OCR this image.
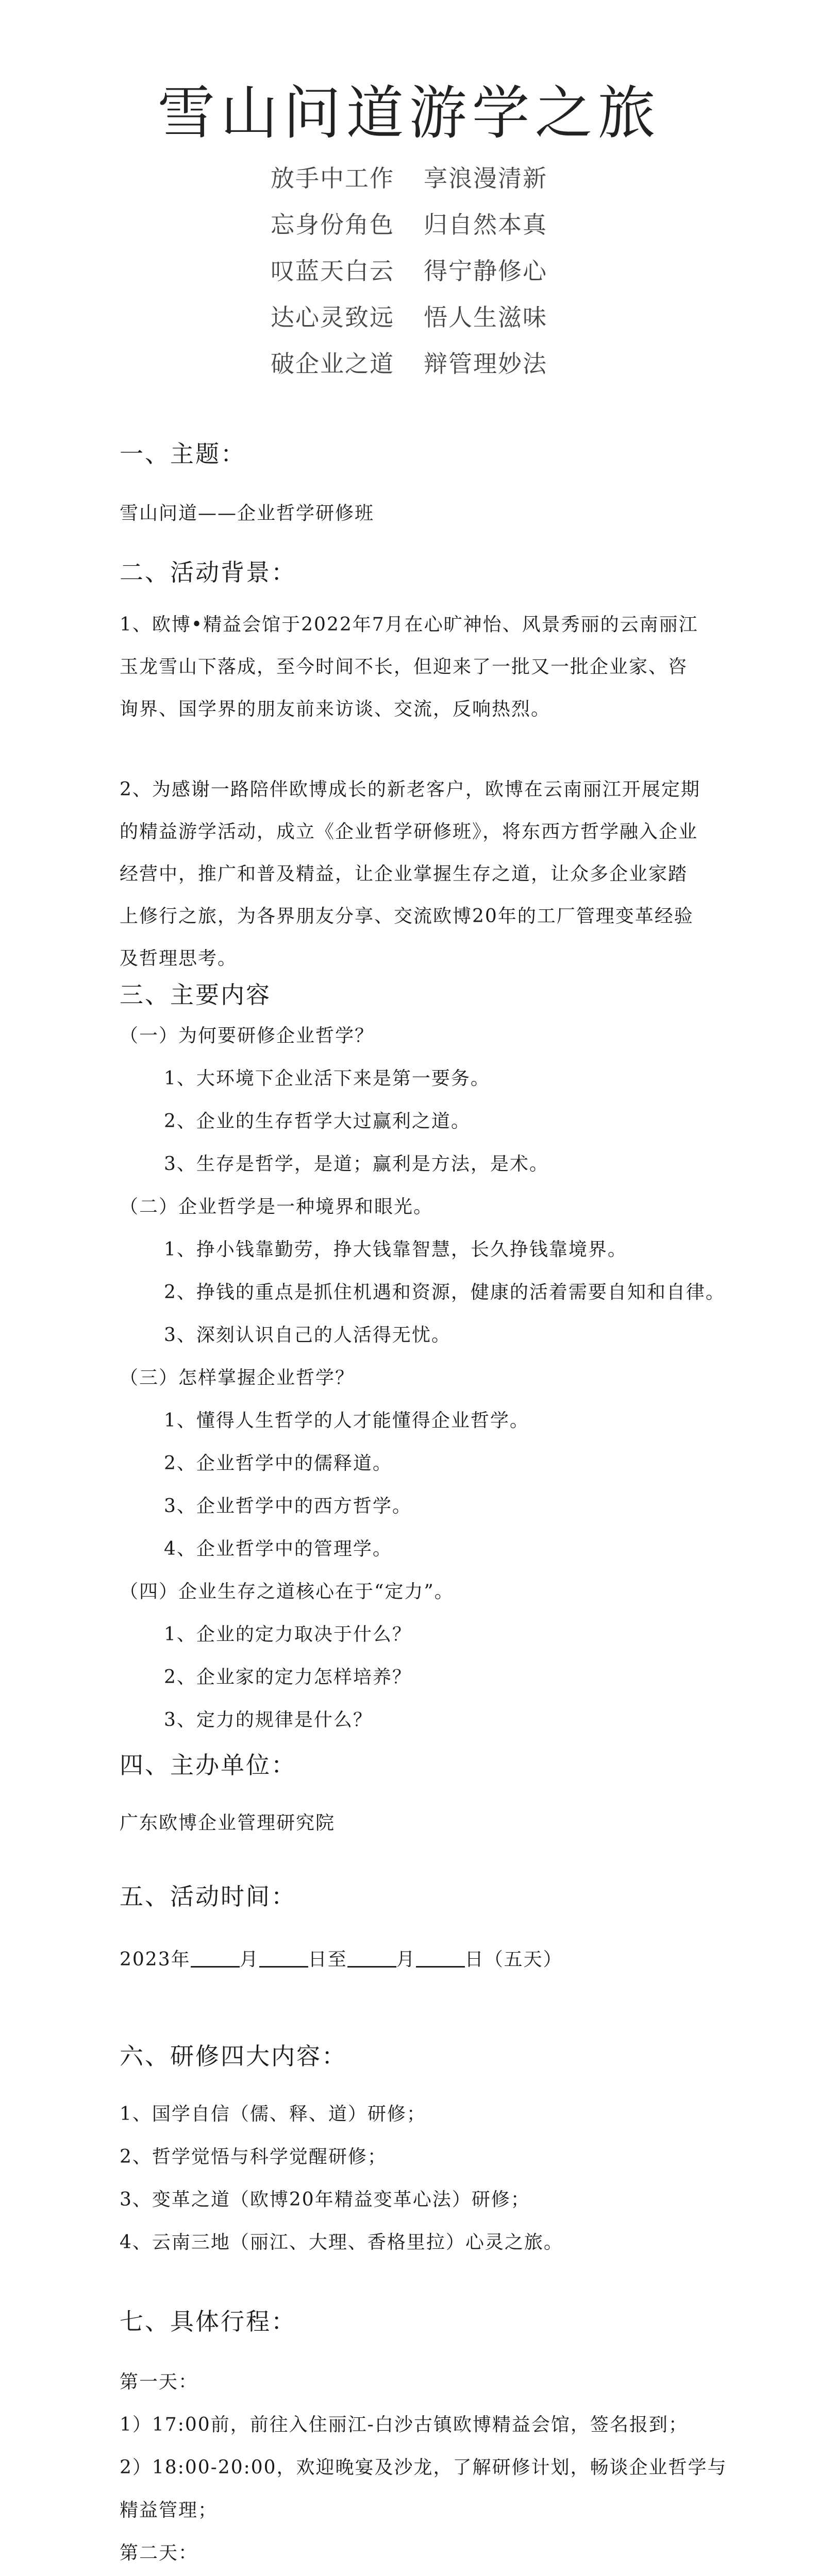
雪山问道游学之旅
放手中工作 享浪漫清新
忘身份角色 归自然本真
叹蓝天白云 得宁静修心
达心灵致远 悟人生滋味
破企业之道 辩管理妙法
一、主题：
雪山问道——企业哲学研修班
二、活动背景：
1、欧博•精益会馆于2022年7月在心旷神怡、风景秀丽的云南丽江玉龙雪山下落成，至今时间不长，但迎来了一批又一批企业家、咨询界、国学界的朋友前来访谈、交流，反响热烈。
2、为感谢一路陪伴欧博成长的新老客户，欧博在云南丽江开展定期的精益游学活动，成立《企业哲学研修班》，将东西方哲学融入企业经营中，推广和普及精益，让企业掌握生存之道，让众多企业家踏上修行之旅，为各界朋友分享、交流欧博20年的工厂管理变革经验及哲理思考。
三、主要内容
（一）为何要研修企业哲学？
1、大环境下企业活下来是第一要务。
2、企业的生存哲学大过赢利之道。
3、生存是哲学，是道；赢利是方法，是术。
（二）企业哲学是一种境界和眼光。
1、挣小钱靠勤劳，挣大钱靠智慧，长久挣钱靠境界。
2、挣钱的重点是抓住机遇和资源，健康的活着需要自知和自律。
3、深刻认识自己的人活得无忧。
（三）怎样掌握企业哲学？
1、懂得人生哲学的人才能懂得企业哲学。
2、企业哲学中的儒释道。
3、企业哲学中的西方哲学。
4、企业哲学中的管理学。
（四）企业生存之道核心在于“定力”。
1、企业的定力取决于什么？
2、企业家的定力怎样培养？
3、定力的规律是什么？
四、主办单位：
广东欧博企业管理研究院
五、活动时间：
2023年	月	日至	月	日（五天）
六、研修四大内容：
1、国学自信（儒、释、道）研修；
2、哲学觉悟与科学觉醒研修；
3、变革之道（欧博20年精益变革心法）研修；
4、云南三地（丽江、大理、香格里拉）心灵之旅。
七、具体行程：
第一天：
1）17:00前，前往入住丽江-白沙古镇欧博精益会馆，签名报到；
2）18:00-20:00，欢迎晚宴及沙龙，了解研修计划，畅谈企业哲学与
精益管理；
第二天：
